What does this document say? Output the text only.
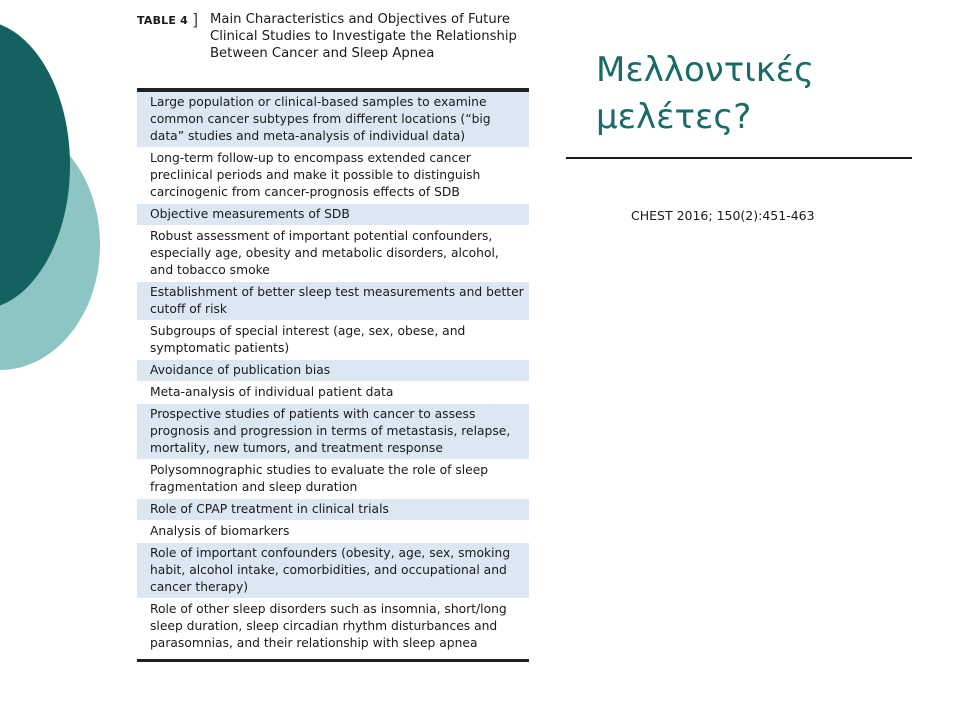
TABLE 4 ] Main Characteristics and Objectives of Future Clinical Studies to Investigate the Relationship Between Cancer and Sleep Apnea
Large population or clinical-based samples to examine common cancer subtypes from different locations (“big data” studies and meta-analysis of individual data)
Long-term follow-up to encompass extended cancer preclinical periods and make it possible to distinguish carcinogenic from cancer-prognosis effects of SDB
Objective measurements of SDB
Robust assessment of important potential confounders, especially age, obesity and metabolic disorders, alcohol, and tobacco smoke
Establishment of better sleep test measurements and better cutoff of risk
Subgroups of special interest (age, sex, obese, and symptomatic patients)
Avoidance of publication bias
Meta-analysis of individual patient data
Prospective studies of patients with cancer to assess prognosis and progression in terms of metastasis, relapse, mortality, new tumors, and treatment response
Polysomnographic studies to evaluate the role of sleep fragmentation and sleep duration
Role of CPAP treatment in clinical trials
Analysis of biomarkers
Role of important confounders (obesity, age, sex, smoking habit, alcohol intake, comorbidities, and occupational and cancer therapy)
Role of other sleep disorders such as insomnia, short/long sleep duration, sleep circadian rhythm disturbances and parasomnias, and their relationship with sleep apnea
Μελλοντικές
μελέτες?
CHEST 2016; 150(2):451-463
